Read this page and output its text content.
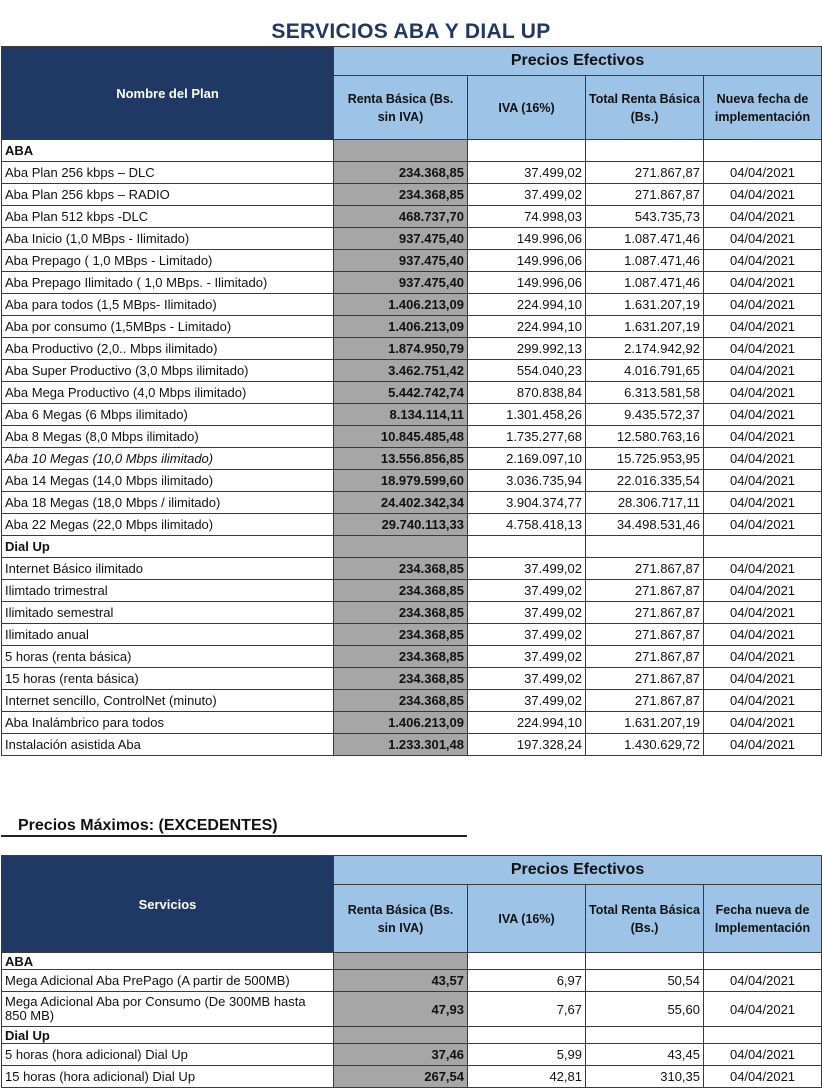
SERVICIOS ABA Y DIAL UP
Nombre del Plan	Precios Efectivos			
	Renta Básica (Bs. sin IVA)	IVA (16%)	Total Renta Básica (Bs.)	Nueva fecha de implementación
ABA				
Aba Plan 256 kbps – DLC	234.368,85	37.499,02	271.867,87	04/04/2021
Aba Plan 256 kbps – RADIO	234.368,85	37.499,02	271.867,87	04/04/2021
Aba Plan 512 kbps -DLC	468.737,70	74.998,03	543.735,73	04/04/2021
Aba Inicio (1,0 MBps - Ilimitado)	937.475,40	149.996,06	1.087.471,46	04/04/2021
Aba Prepago ( 1,0 MBps - Limitado)	937.475,40	149.996,06	1.087.471,46	04/04/2021
Aba Prepago Ilimitado ( 1,0 MBps. - Ilimitado)	937.475,40	149.996,06	1.087.471,46	04/04/2021
Aba para todos (1,5 MBps- Ilimitado)	1.406.213,09	224.994,10	1.631.207,19	04/04/2021
Aba por consumo (1,5MBps - Limitado)	1.406.213,09	224.994,10	1.631.207,19	04/04/2021
Aba Productivo (2,0.. Mbps ilimitado)	1.874.950,79	299.992,13	2.174.942,92	04/04/2021
Aba Super Productivo (3,0 Mbps ilimitado)	3.462.751,42	554.040,23	4.016.791,65	04/04/2021
Aba Mega Productivo (4,0 Mbps ilimitado)	5.442.742,74	870.838,84	6.313.581,58	04/04/2021
Aba 6 Megas (6 Mbps ilimitado)	8.134.114,11	1.301.458,26	9.435.572,37	04/04/2021
Aba 8 Megas (8,0 Mbps ilimitado)	10.845.485,48	1.735.277,68	12.580.763,16	04/04/2021
Aba 10 Megas (10,0 Mbps ilimitado)	13.556.856,85	2.169.097,10	15.725.953,95	04/04/2021
Aba 14 Megas (14,0 Mbps ilimitado)	18.979.599,60	3.036.735,94	22.016.335,54	04/04/2021
Aba 18 Megas (18,0 Mbps / ilimitado)	24.402.342,34	3.904.374,77	28.306.717,11	04/04/2021
Aba 22 Megas (22,0 Mbps ilimitado)	29.740.113,33	4.758.418,13	34.498.531,46	04/04/2021
Dial Up				
Internet Básico ilimitado	234.368,85	37.499,02	271.867,87	04/04/2021
Ilimtado trimestral	234.368,85	37.499,02	271.867,87	04/04/2021
Ilimitado semestral	234.368,85	37.499,02	271.867,87	04/04/2021
Ilimitado anual	234.368,85	37.499,02	271.867,87	04/04/2021
5 horas (renta básica)	234.368,85	37.499,02	271.867,87	04/04/2021
15 horas (renta básica)	234.368,85	37.499,02	271.867,87	04/04/2021
Internet sencillo, ControlNet (minuto)	234.368,85	37.499,02	271.867,87	04/04/2021
Aba Inalámbrico para todos	1.406.213,09	224.994,10	1.631.207,19	04/04/2021
Instalación asistida Aba	1.233.301,48	197.328,24	1.430.629,72	04/04/2021
Precios Máximos: (EXCEDENTES)
Servicios	Precios Efectivos			
	Renta Básica (Bs. sin IVA)	IVA (16%)	Total Renta Básica (Bs.)	Fecha nueva de Implementación
ABA				
Mega Adicional Aba PrePago (A partir de 500MB)	43,57	6,97	50,54	04/04/2021
Mega Adicional Aba por Consumo (De 300MB hasta 850 MB)	47,93	7,67	55,60	04/04/2021
Dial Up				
5 horas (hora adicional) Dial Up	37,46	5,99	43,45	04/04/2021
15 horas (hora adicional) Dial Up	267,54	42,81	310,35	04/04/2021
